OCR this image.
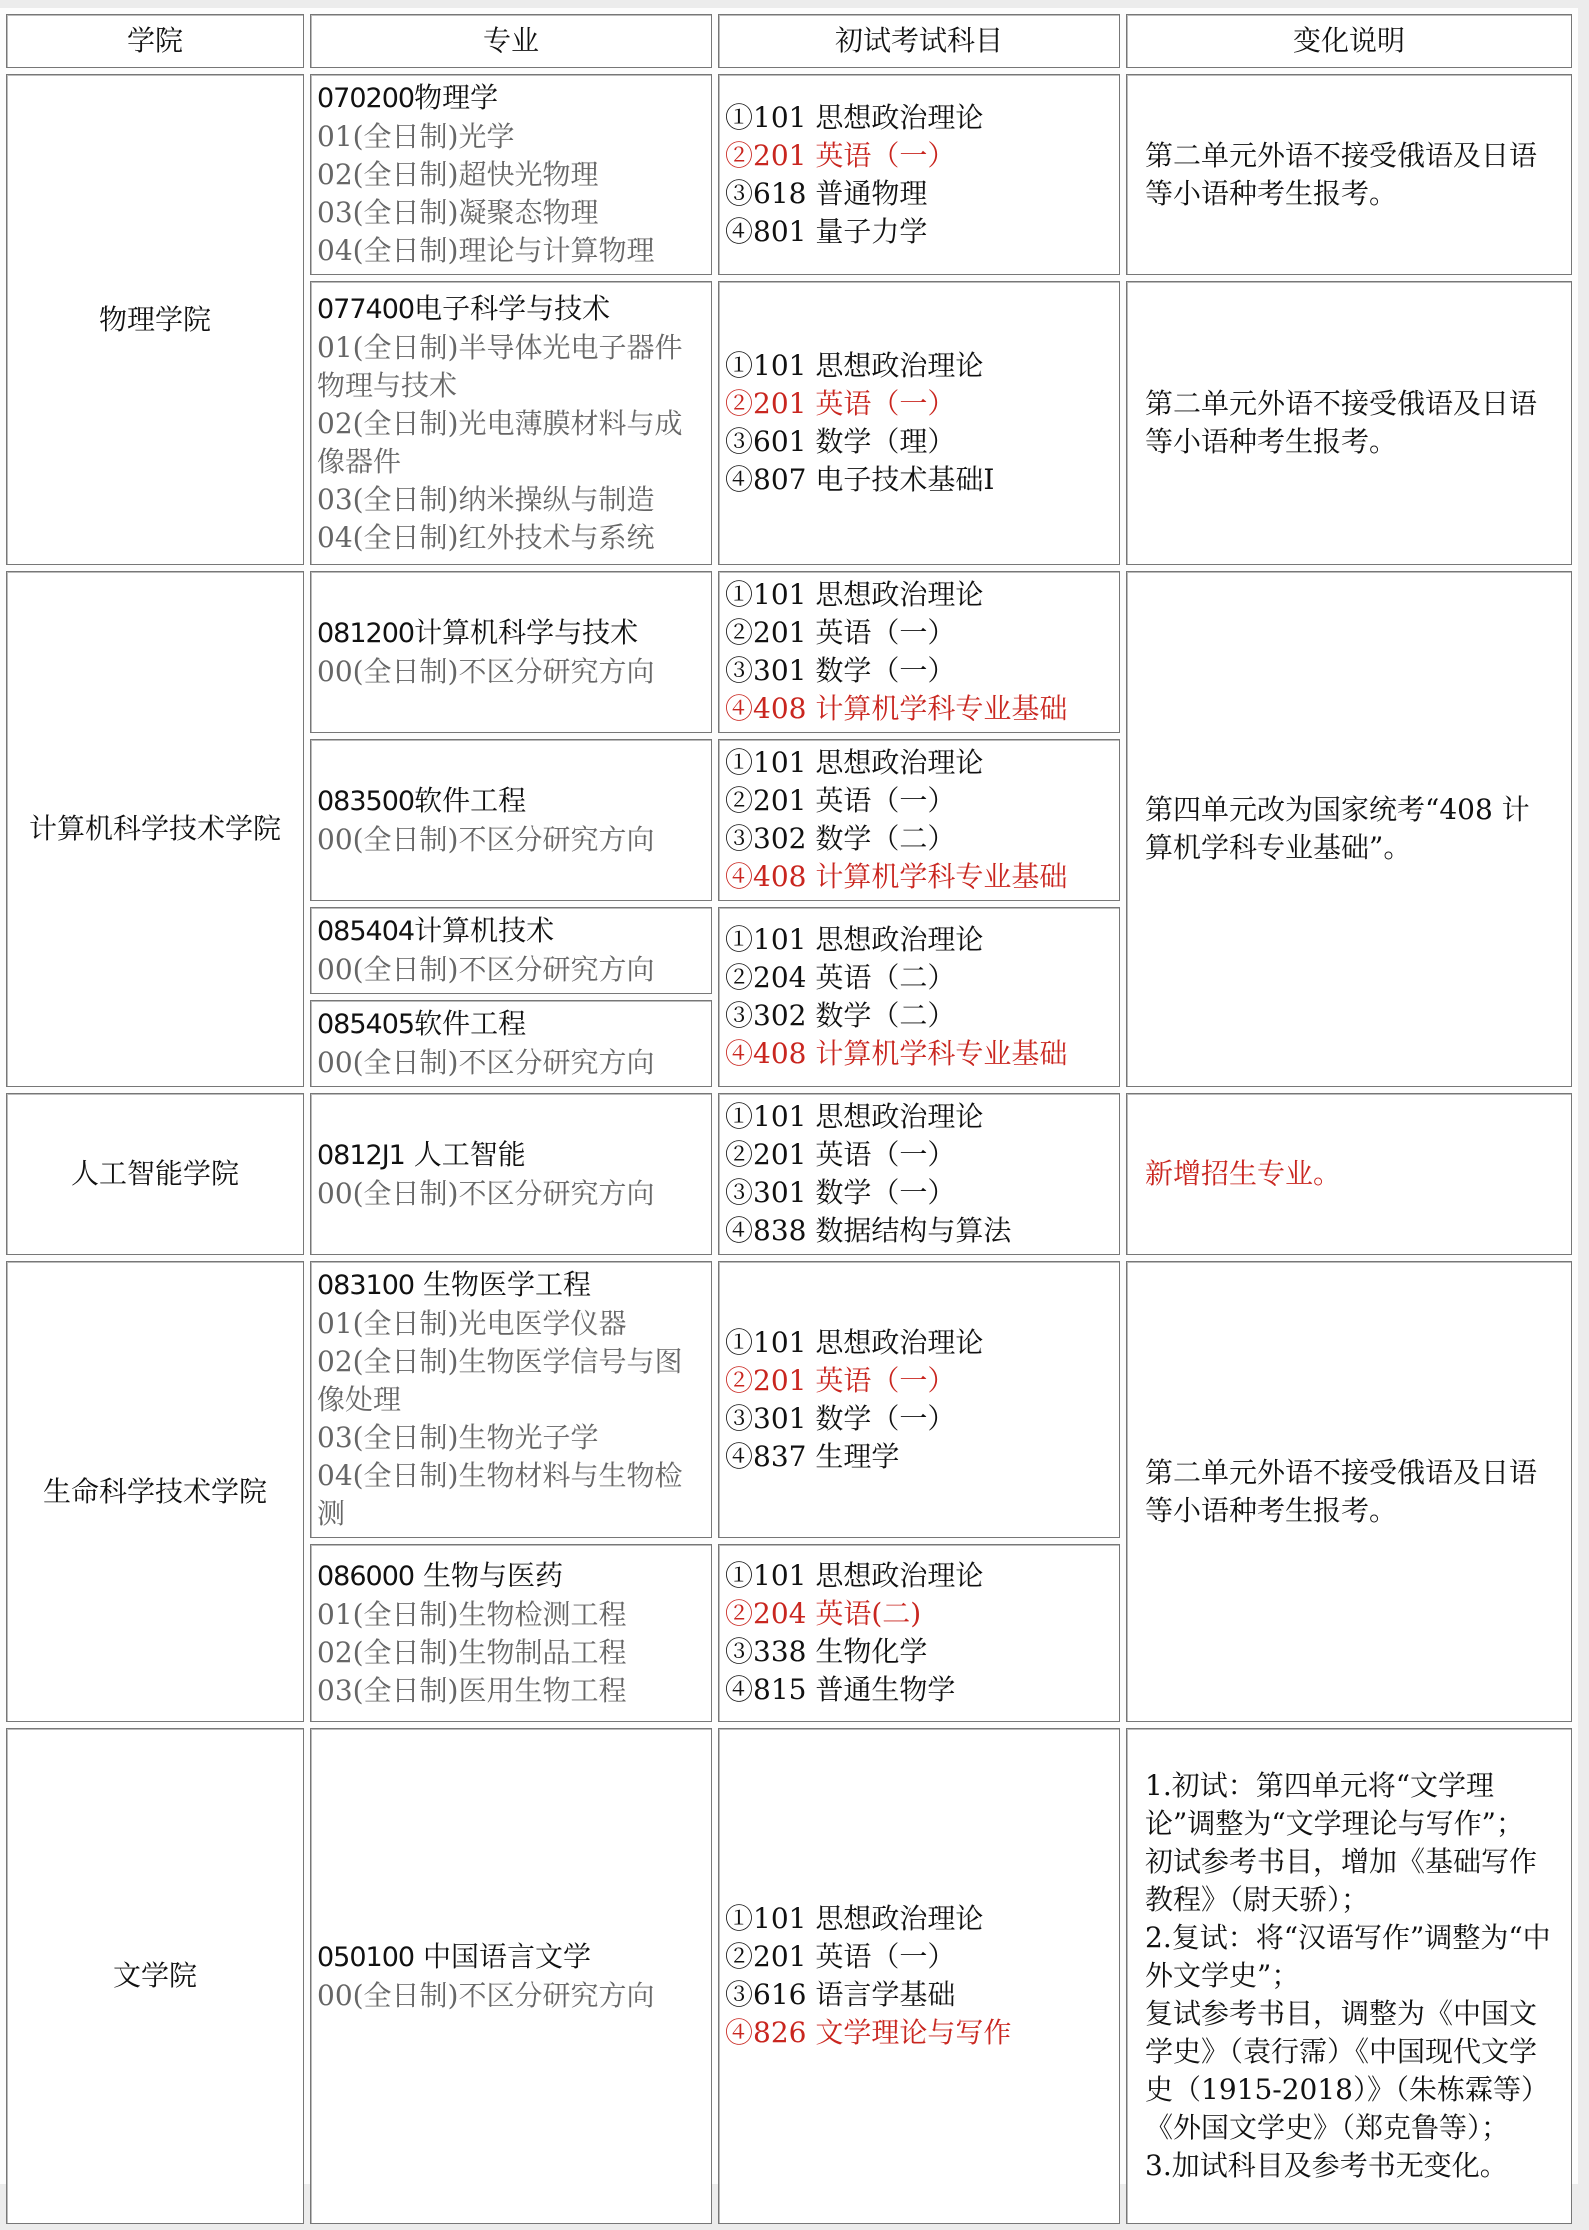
学院	专业	初试考试科目	变化说明
物理学院	070200物理学
01(全日制)光学
02(全日制)超快光物理
03(全日制)凝聚态物理
04(全日制)理论与计算物理	①101 思想政治理论
②201 英语（一）
③618 普通物理
④801 量子力学	第二单元外语不接受俄语及日语等小语种考生报考。

	077400电子科学与技术
01(全日制)半导体光电子器件物理与技术
02(全日制)光电薄膜材料与成像器件
03(全日制)纳米操纵与制造
04(全日制)红外技术与系统	①101 思想政治理论
②201 英语（一）
③601 数学（理）
④807 电子技术基础Ⅰ	第二单元外语不接受俄语及日语等小语种考生报考。
计算机科学技术学院	081200计算机科学与技术
00(全日制)不区分研究方向	①101 思想政治理论
②201 英语（一）
③301 数学（一）
④408 计算机学科专业基础	第四单元改为国家统考“408 计算机学科专业基础”。

	083500软件工程
00(全日制)不区分研究方向	①101 思想政治理论
②201 英语（一）
③302 数学（二）
④408 计算机学科专业基础	

	085404计算机技术
00(全日制)不区分研究方向	①101 思想政治理论
②204 英语（二）
③302 数学（二）
④408 计算机学科专业基础	

	085405软件工程
00(全日制)不区分研究方向		

人工智能学院	0812J1 人工智能
00(全日制)不区分研究方向	①101 思想政治理论
②201 英语（一）
③301 数学（一）
④838 数据结构与算法	新增招生专业。
生命科学技术学院	083100 生物医学工程
01(全日制)光电医学仪器
02(全日制)生物医学信号与图像处理
03(全日制)生物光子学
04(全日制)生物材料与生物检测	①101 思想政治理论
②201 英语（一）
③301 数学（一）
④837 生理学	第二单元外语不接受俄语及日语等小语种考生报考。

	086000 生物与医药
01(全日制)生物检测工程
02(全日制)生物制品工程
03(全日制)医用生物工程	①101 思想政治理论
②204 英语(二)
③338 生物化学
④815 普通生物学	

文学院	050100 中国语言文学
00(全日制)不区分研究方向	①101 思想政治理论
②201 英语（一）
③616 语言学基础
④826 文学理论与写作	1.初试：第四单元将“文学理论”调整为“文学理论与写作”；
初试参考书目，增加《基础写作教程》（尉天骄）；
2.复试：将“汉语写作”调整为“中外文学史”；
复试参考书目，调整为《中国文学史》（袁行霈）《中国现代文学史（1915-2018）》（朱栋霖等）《外国文学史》（郑克鲁等）；
3.加试科目及参考书无变化。
